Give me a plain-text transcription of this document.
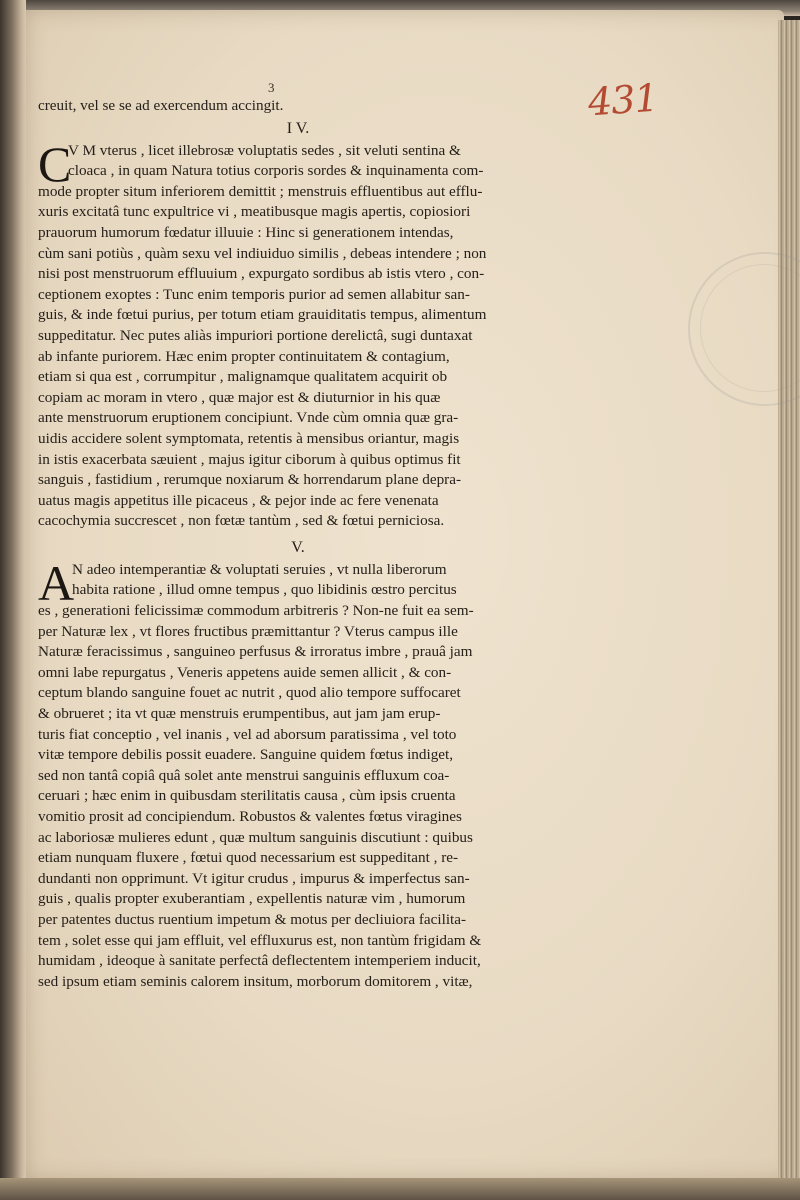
431
3
creuit, vel se se ad exercendum accingit.
I V.
C
V M vterus , licet illebrosæ voluptatis sedes , sit veluti sentina &
cloaca , in quam Natura totius corporis sordes & inquinamenta com-
mode propter situm inferiorem demittit ; menstruis effluentibus aut efflu-
xuris excitatâ tunc expultrice vi , meatibusque magis apertis, copiosiori
prauorum humorum fœdatur illuuie : Hinc si generationem intendas,
cùm sani potiùs , quàm sexu vel indiuiduo similis , debeas intendere ; non
nisi post menstruorum effluuium , expurgato sordibus ab istis vtero , con-
ceptionem exoptes : Tunc enim temporis purior ad semen allabitur san-
guis, & inde fœtui purius, per totum etiam grauiditatis tempus, alimentum
suppeditatur. Nec putes aliàs impuriori portione derelictâ, sugi duntaxat
ab infante puriorem. Hæc enim propter continuitatem & contagium,
etiam si qua est , corrumpitur , malignamque qualitatem acquirit ob
copiam ac moram in vtero , quæ major est & diuturnior in his quæ
ante menstruorum eruptionem concipiunt. Vnde cùm omnia quæ gra-
uidis accidere solent symptomata, retentis à mensibus oriantur, magis
in istis exacerbata sæuient , majus igitur ciborum à quibus optimus fit
sanguis , fastidium , rerumque noxiarum & horrendarum plane depra-
uatus magis appetitus ille picaceus , & pejor inde ac fere venenata
cacochymia succrescet , non fœtæ tantùm , sed & fœtui perniciosa.
V.
A
N adeo intemperantiæ & voluptati seruies , vt nulla liberorum
habita ratione , illud omne tempus , quo libidinis œstro percitus
es , generationi felicissimæ commodum arbitreris ? Non-ne fuit ea sem-
per Naturæ lex , vt flores fructibus præmittantur ? Vterus campus ille
Naturæ feracissimus , sanguineo perfusus & irroratus imbre , prauâ jam
omni labe repurgatus , Veneris appetens auide semen allicit , & con-
ceptum blando sanguine fouet ac nutrit , quod alio tempore suffocaret
& obrueret ; ita vt quæ menstruis erumpentibus, aut jam jam erup-
turis fiat conceptio , vel inanis , vel ad aborsum paratissima , vel toto
vitæ tempore debilis possit euadere. Sanguine quidem fœtus indiget,
sed non tantâ copiâ quâ solet ante menstrui sanguinis effluxum coa-
ceruari ; hæc enim in quibusdam sterilitatis causa , cùm ipsis cruenta
vomitio prosit ad concipiendum. Robustos & valentes fœtus viragines
ac laboriosæ mulieres edunt , quæ multum sanguinis discutiunt : quibus
etiam nunquam fluxere , fœtui quod necessarium est suppeditant , re-
dundanti non opprimunt. Vt igitur crudus , impurus & imperfectus san-
guis , qualis propter exuberantiam , expellentis naturæ vim , humorum
per patentes ductus ruentium impetum & motus per decliuiora facilita-
tem , solet esse qui jam effluit, vel effluxurus est, non tantùm frigidam &
humidam , ideoque à sanitate perfectâ deflectentem intemperiem inducit,
sed ipsum etiam seminis calorem insitum, morborum domitorem , vitæ,
